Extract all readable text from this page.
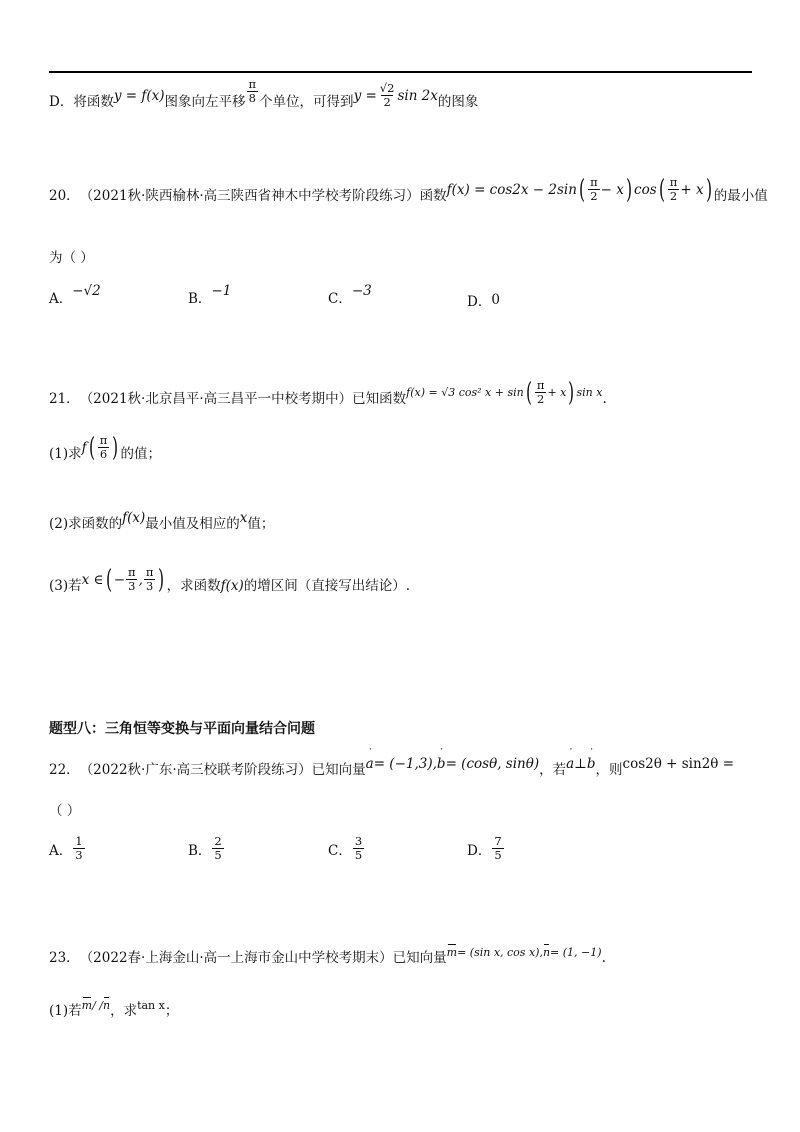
D．将函数 y = f(x) 图象向左平移 $\frac{\pi}{8}$ 个单位，可得到 $y = \frac{√2}{2}$ sin 2x 的图象
20． （2021秋·陕西榆林·高三陕西省神木中学校考阶段练习）函数 f(x) = cos2x − 2sin ( $\frac{\pi}{2} - x$ ) cos ( $\frac{\pi}{2} + x$ ) 的最小值
为（ ）
A． −√2	B． −1	C． −3
D． 0
21． （2021秋·北京昌平·高三昌平一中校考期中）已知函数 f(x) = √3 cos² x + sin ( $\frac{\pi}{2} + x$ ) sin x .
(1)求 f ( $\frac{\pi}{6}$ ) 的值；
(2)求函数的 f(x) 最小值及相应的 x 值；
(3)若 x ∈ ( − $\frac{\pi}{3}$ , $\frac{\pi}{3}$ ) ，求函数 f(x) 的增区间（直接写出结论）.
题型八：三角恒等变换与平面向量结合问题
22． （2022秋·广东·高三校联考阶段练习）已知向量 ˙ a = (−1,3), ˙ b = (cosθ, sinθ) ，若 ˙ a ⊥ ˙ b ，则 cos2θ + sin2θ =
（ ）
A． $\frac{1}{3}$	B． $\frac{2}{5}$	C． $\frac{3}{5}$	D． $\frac{7}{5}$
23． （2022春·上海金山·高一上海市金山中学校考期末）已知向量 m = (sin x, cos x), n = (1, −1) .
(1)若 m / / n ，求 tan x ；
